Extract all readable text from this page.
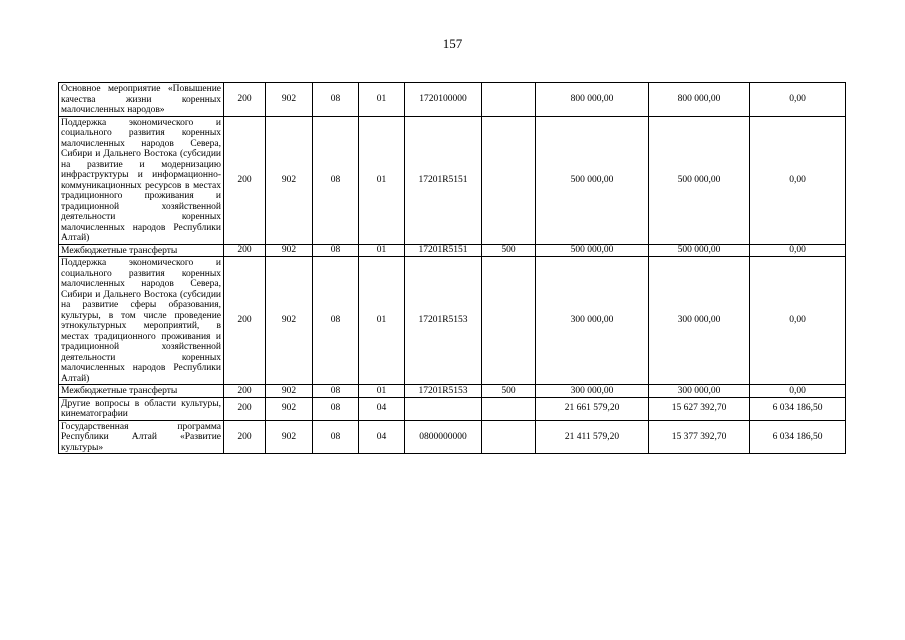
157
Основное мероприятие «Повышение качества жизни коренных малочисленных народов»	200	902	08	01	1720100000		800 000,00	800 000,00	0,00
Поддержка экономического и социального развития коренных малочисленных народов Севера, Сибири и Дальнего Востока (субсидии на развитие и модернизацию инфраструктуры и информационно-коммуникационных ресурсов в местах традиционного проживания и традиционной хозяйственной деятельности коренных малочисленных народов Республики Алтай)	200	902	08	01	17201R5151		500 000,00	500 000,00	0,00
Межбюджетные трансферты	200	902	08	01	17201R5151	500	500 000,00	500 000,00	0,00
Поддержка экономического и социального развития коренных малочисленных народов Севера, Сибири и Дальнего Востока (субсидии на развитие сферы образования, культуры, в том числе проведение этнокультурных мероприятий, в местах традиционного проживания и традиционной хозяйственной деятельности коренных малочисленных народов Республики Алтай)	200	902	08	01	17201R5153		300 000,00	300 000,00	0,00
Межбюджетные трансферты	200	902	08	01	17201R5153	500	300 000,00	300 000,00	0,00
Другие вопросы в области культуры, кинематографии	200	902	08	04			21 661 579,20	15 627 392,70	6 034 186,50
Государственная программа Республики Алтай «Развитие культуры»	200	902	08	04	0800000000		21 411 579,20	15 377 392,70	6 034 186,50
